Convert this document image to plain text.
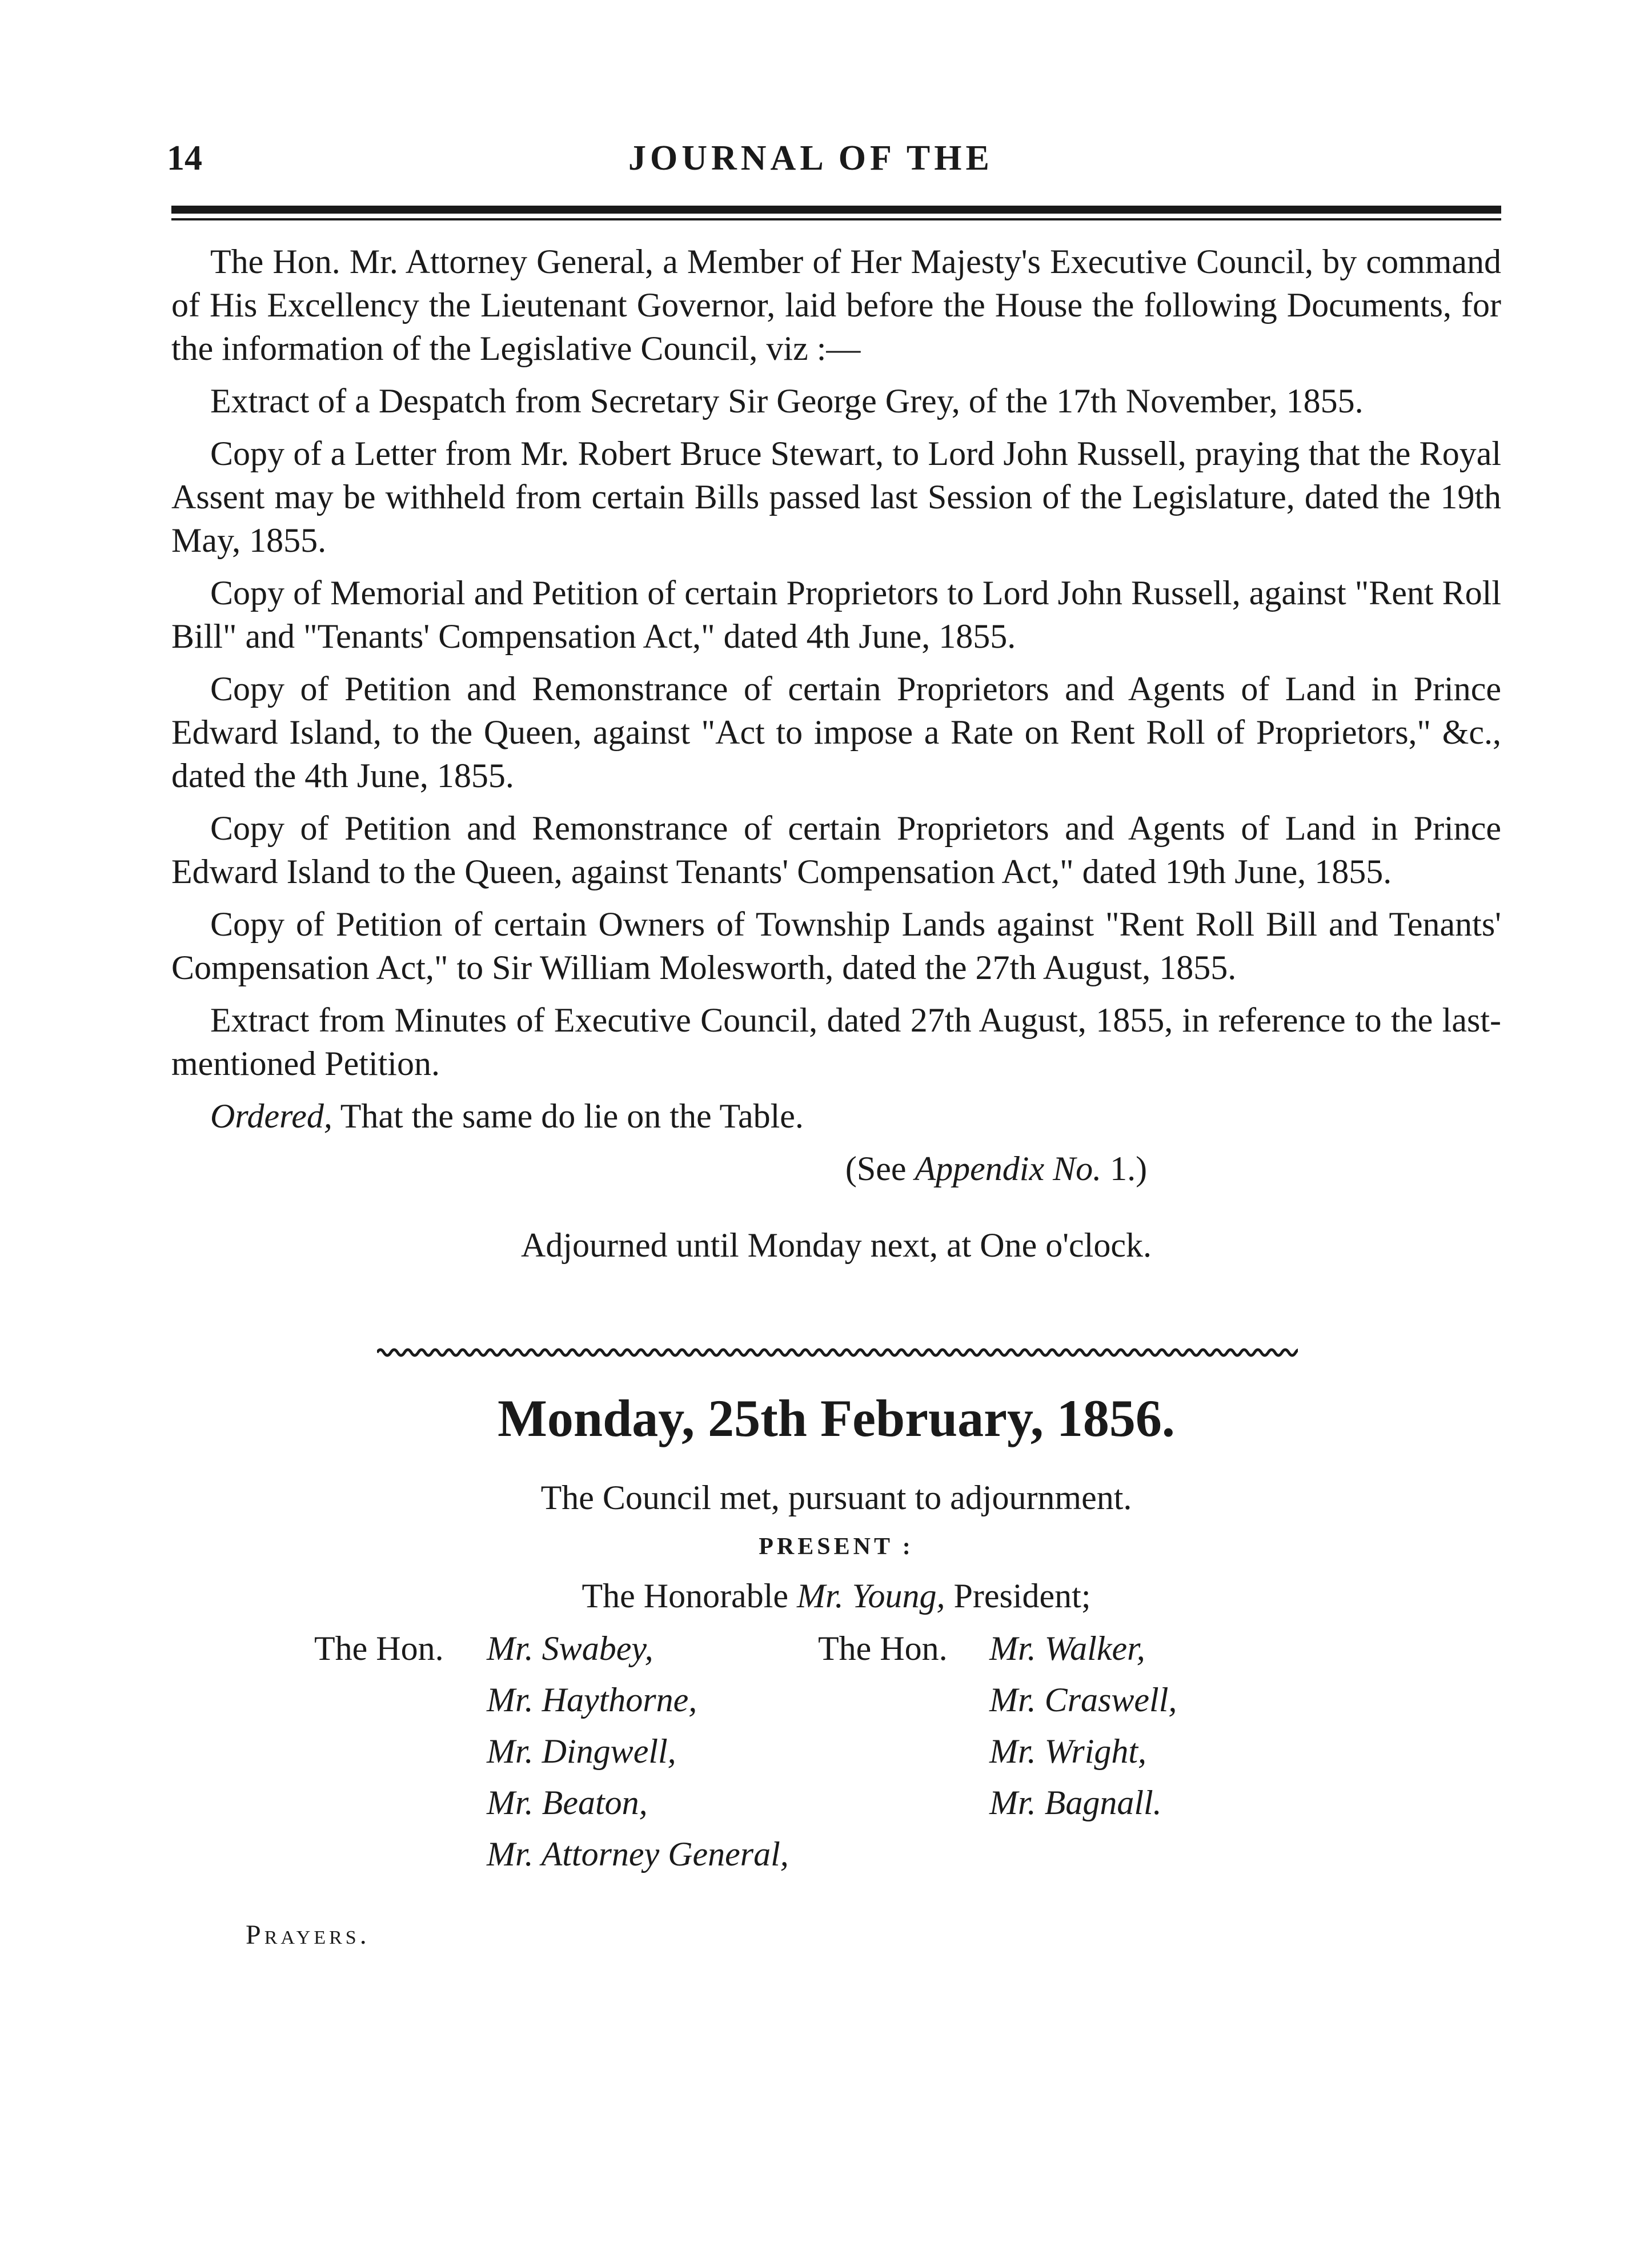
14	JOURNAL OF THE

The Hon. Mr. Attorney General, a Member of Her Majesty's Executive Council, by command of His Excellency the Lieutenant Governor, laid before the House the following Documents, for the information of the Legislative Council, viz :—

Extract of a Despatch from Secretary Sir George Grey, of the 17th November, 1855.

Copy of a Letter from Mr. Robert Bruce Stewart, to Lord John Russell, praying that the Royal Assent may be withheld from certain Bills passed last Session of the Legislature, dated the 19th May, 1855.

Copy of Memorial and Petition of certain Proprietors to Lord John Russell, against "Rent Roll Bill" and "Tenants' Compensation Act," dated 4th June, 1855.

Copy of Petition and Remonstrance of certain Proprietors and Agents of Land in Prince Edward Island, to the Queen, against "Act to impose a Rate on Rent Roll of Proprietors," &c., dated the 4th June, 1855.

Copy of Petition and Remonstrance of certain Proprietors and Agents of Land in Prince Edward Island to the Queen, against Tenants' Compensation Act," dated 19th June, 1855.

Copy of Petition of certain Owners of Township Lands against "Rent Roll Bill and Tenants' Compensation Act," to Sir William Molesworth, dated the 27th August, 1855.

Extract from Minutes of Executive Council, dated 27th August, 1855, in reference to the last-mentioned Petition.

Ordered, That the same do lie on the Table.

(See Appendix No. 1.)
Adjourned until Monday next, at One o'clock.
Monday, 25th February, 1856.
The Council met, pursuant to adjournment.
PRESENT :
The Honorable Mr. Young, President;
The Hon.	Mr. Swabey,	The Hon.	Mr. Walker,
	Mr. Haythorne,		Mr. Craswell,
	Mr. Dingwell,		Mr. Wright,
	Mr. Beaton,		Mr. Bagnall.
	Mr. Attorney General,		
Prayers.
